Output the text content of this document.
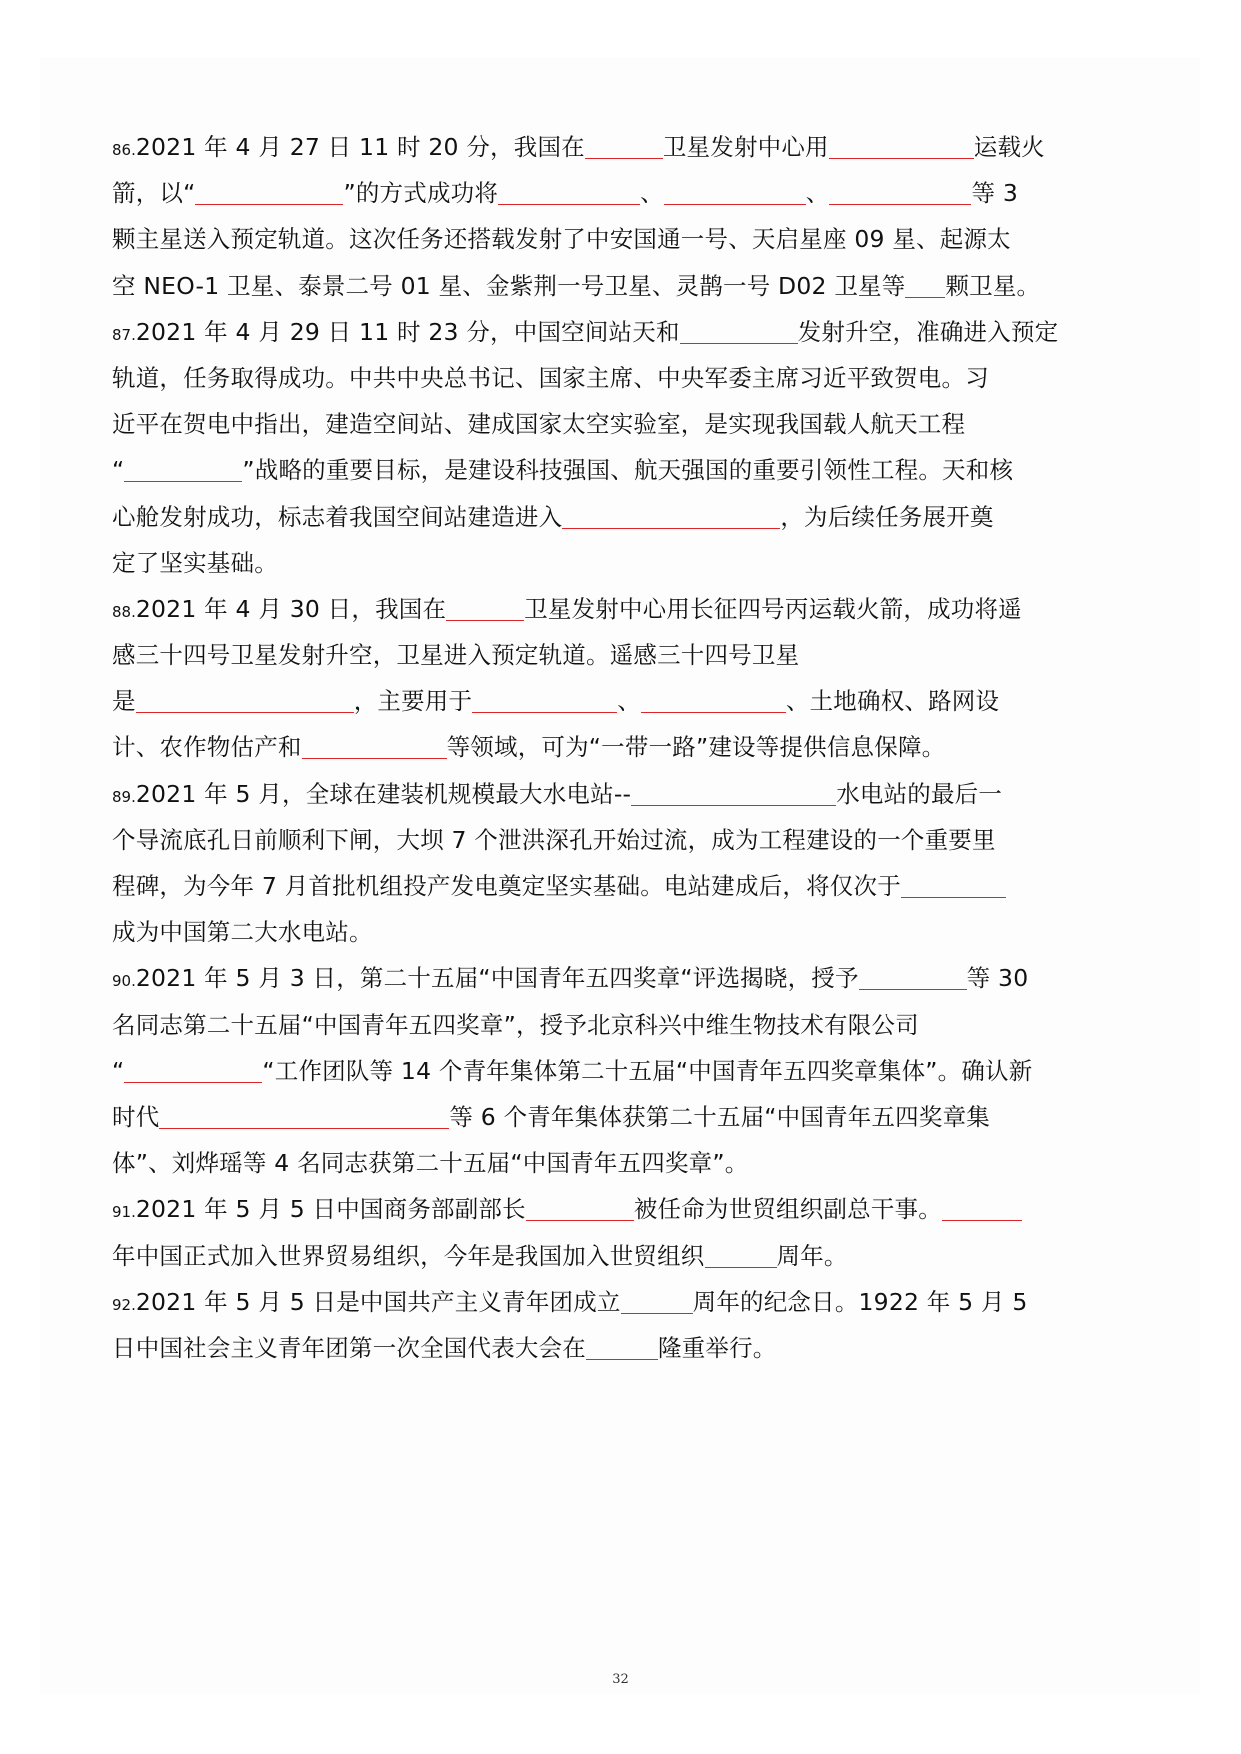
86.2021 年 4 月 27 日 11 时 20 分，我国在	卫星发射中心用	运载火
箭，以“	”的方式成功将	、	、	等 3
颗主星送入预定轨道。这次任务还搭载发射了中安国通一号、天启星座 09 星、起源太
空 NEO-1 卫星、泰景二号 01 星、金紫荆一号卫星、灵鹊一号 D02 卫星等 颗卫星。
87.2021 年 4 月 29 日 11 时 23 分，中国空间站天和	发射升空，准确进入预定
轨道，任务取得成功。中共中央总书记、国家主席、中央军委主席习近平致贺电。习
近平在贺电中指出，建造空间站、建成国家太空实验室，是实现我国载人航天工程
“	”战略的重要目标，是建设科技强国、航天强国的重要引领性工程。天和核
心舱发射成功，标志着我国空间站建造进入	，为后续任务展开奠
定了坚实基础。
88.2021 年 4 月 30 日，我国在	卫星发射中心用长征四号丙运载火箭，成功将遥
感三十四号卫星发射升空，卫星进入预定轨道。遥感三十四号卫星
是	，主要用于	、	、土地确权、路网设
计、农作物估产和	等领域，可为“一带一路”建设等提供信息保障。
89.2021 年 5 月，全球在建装机规模最大水电站--	水电站的最后一
个导流底孔日前顺利下闸，大坝 7 个泄洪深孔开始过流，成为工程建设的一个重要里
程碑，为今年 7 月首批机组投产发电奠定坚实基础。电站建成后，将仅次于
成为中国第二大水电站。
90.2021 年 5 月 3 日，第二十五届“中国青年五四奖章“评选揭晓，授予	等 30
名同志第二十五届“中国青年五四奖章”，授予北京科兴中维生物技术有限公司
“	“工作团队等 14 个青年集体第二十五届“中国青年五四奖章集体”。确认新
时代	等 6 个青年集体获第二十五届“中国青年五四奖章集
体”、刘烨瑶等 4 名同志获第二十五届“中国青年五四奖章”。
91.2021 年 5 月 5 日中国商务部副部长	被任命为世贸组织副总干事。
年中国正式加入世界贸易组织，今年是我国加入世贸组织	周年。
92.2021 年 5 月 5 日是中国共产主义青年团成立	周年的纪念日。1922 年 5 月 5
日中国社会主义青年团第一次全国代表大会在	隆重举行。
32
